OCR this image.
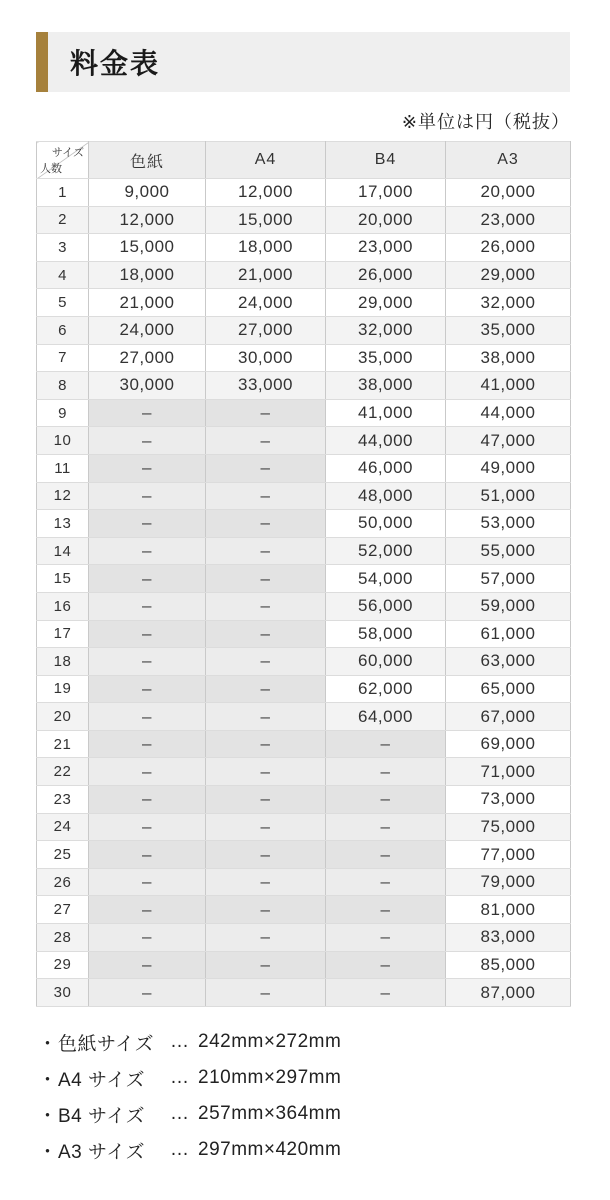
料金表
※単位は円（税抜）
サイズ
人数	色紙	A4	B4	A3
1	9,000	12,000	17,000	20,000
2	12,000	15,000	20,000	23,000
3	15,000	18,000	23,000	26,000
4	18,000	21,000	26,000	29,000
5	21,000	24,000	29,000	32,000
6	24,000	27,000	32,000	35,000
7	27,000	30,000	35,000	38,000
8	30,000	33,000	38,000	41,000
9	–	–	41,000	44,000
10	–	–	44,000	47,000
11	–	–	46,000	49,000
12	–	–	48,000	51,000
13	–	–	50,000	53,000
14	–	–	52,000	55,000
15	–	–	54,000	57,000
16	–	–	56,000	59,000
17	–	–	58,000	61,000
18	–	–	60,000	63,000
19	–	–	62,000	65,000
20	–	–	64,000	67,000
21	–	–	–	69,000
22	–	–	–	71,000
23	–	–	–	73,000
24	–	–	–	75,000
25	–	–	–	77,000
26	–	–	–	79,000
27	–	–	–	81,000
28	–	–	–	83,000
29	–	–	–	85,000
30	–	–	–	87,000
・ 色紙サイズ … 242mm×272mm
・ A4 サイズ	… 210mm×297mm
・ B4 サイズ	… 257mm×364mm
・ A3 サイズ	… 297mm×420mm
